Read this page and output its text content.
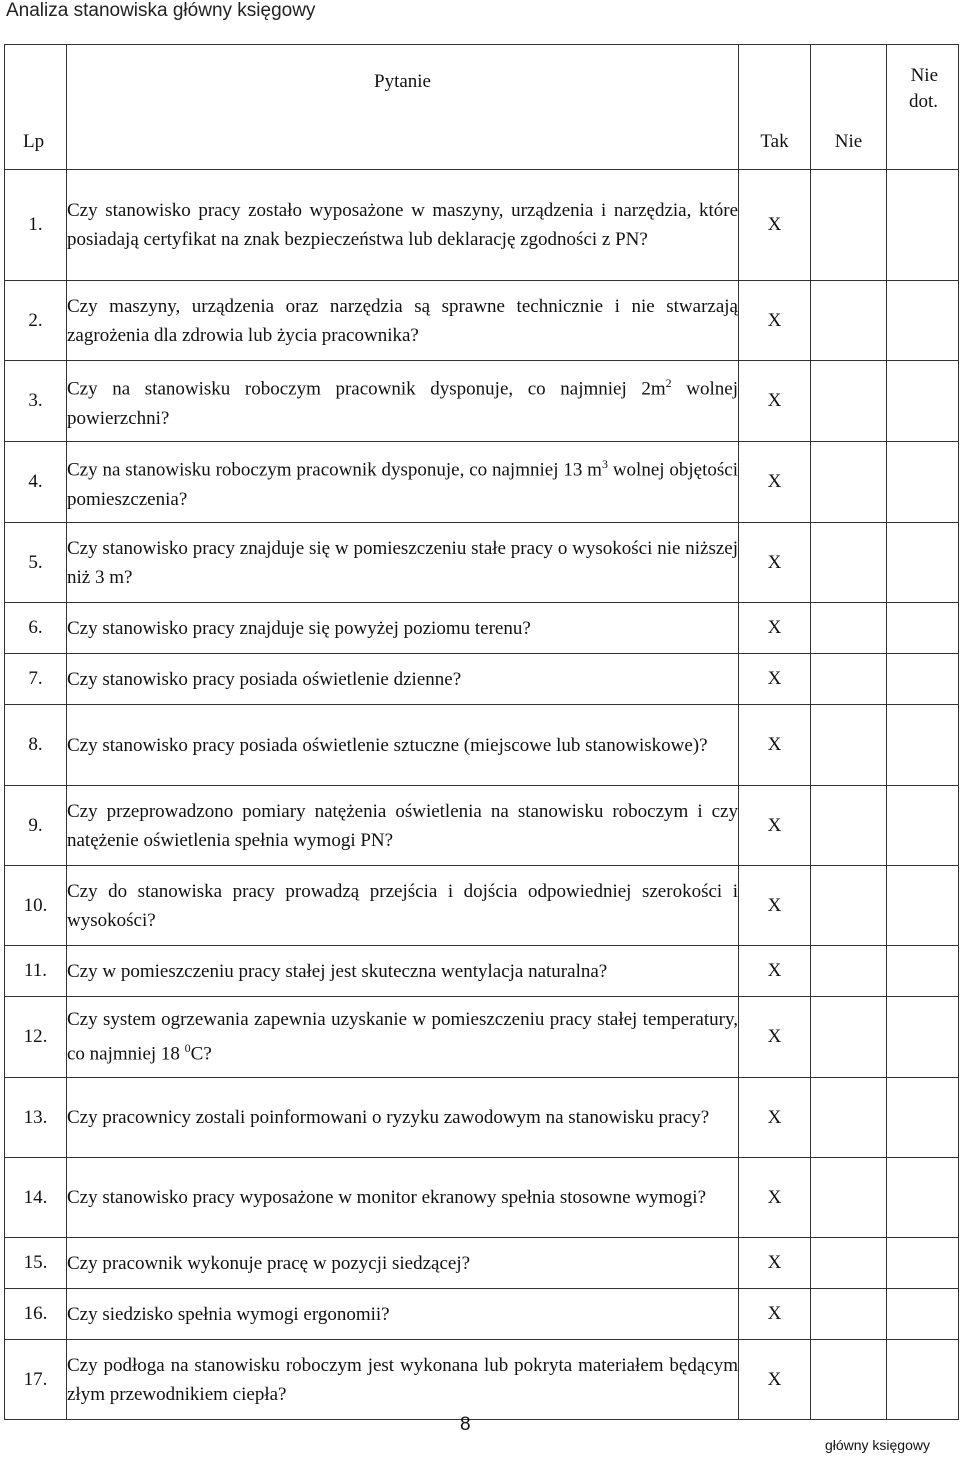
Analiza stanowiska główny księgowy
Lp	Pytanie	Tak	Nie	Nie
dot.
1.	Czy stanowisko pracy zostało wyposażone w maszyny, urządzenia i narzędzia, które posiadają certyfikat na znak bezpieczeństwa lub deklarację zgodności z PN?	X		
2.	Czy maszyny, urządzenia oraz narzędzia są sprawne technicznie i nie stwarzają zagrożenia dla zdrowia lub życia pracownika?	X		
3.	Czy na stanowisku roboczym pracownik dysponuje, co najmniej $2m^2$ wolnej powierzchni?	X		
4.	Czy na stanowisku roboczym pracownik dysponuje, co najmniej 13 $m^3$ wolnej objętości pomieszczenia?	X		
5.	Czy stanowisko pracy znajduje się w pomieszczeniu stałe pracy o wysokości nie niższej niż 3 m?	X		
6.	Czy stanowisko pracy znajduje się powyżej poziomu terenu?	X		
7.	Czy stanowisko pracy posiada oświetlenie dzienne?	X		
8.	Czy stanowisko pracy posiada oświetlenie sztuczne (miejscowe lub stanowiskowe)?	X		
9.	Czy przeprowadzono pomiary natężenia oświetlenia na stanowisku roboczym i czy natężenie oświetlenia spełnia wymogi PN?	X		
10.	Czy do stanowiska pracy prowadzą przejścia i dojścia odpowiedniej szerokości i wysokości?	X		
11.	Czy w pomieszczeniu pracy stałej jest skuteczna wentylacja naturalna?	X		
12.	Czy system ogrzewania zapewnia uzyskanie w pomieszczeniu pracy stałej temperatury, co najmniej 18 $^0$C?	X		
13.	Czy pracownicy zostali poinformowani o ryzyku zawodowym na stanowisku pracy?	X		
14.	Czy stanowisko pracy wyposażone w monitor ekranowy spełnia stosowne wymogi?	X		
15.	Czy pracownik wykonuje pracę w pozycji siedzącej?	X		
16.	Czy siedzisko spełnia wymogi ergonomii?	X		
17.	Czy podłoga na stanowisku roboczym jest wykonana lub pokryta materiałem będącym złym przewodnikiem ciepła?	X		
8
główny księgowy
